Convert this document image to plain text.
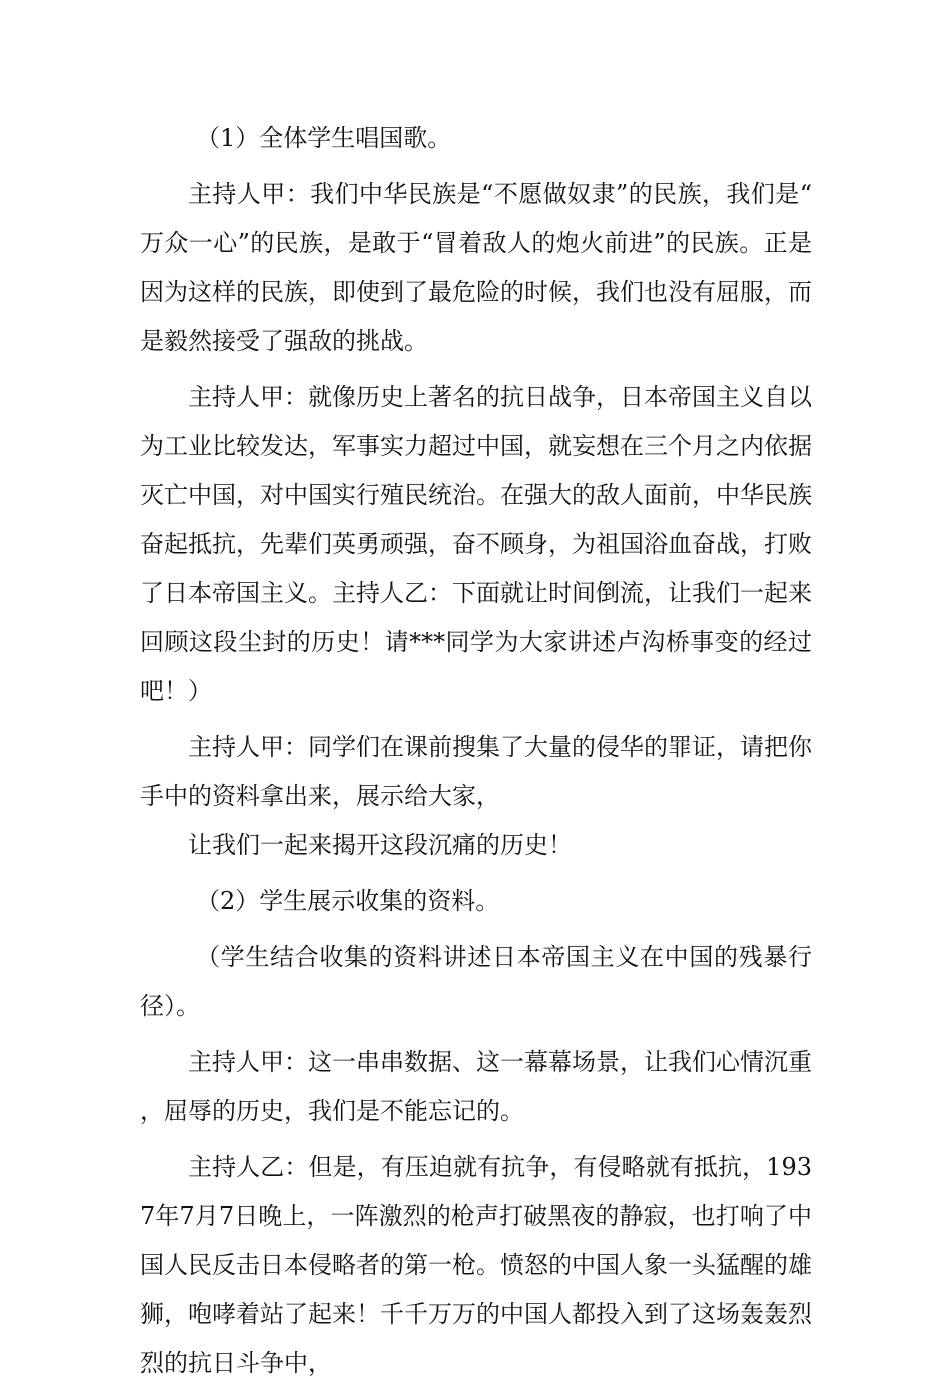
（1）全体学生唱国歌。

主持人甲：我们中华民族是“不愿做奴隶”的民族，我们是“万众一心”的民族，是敢于“冒着敌人的炮火前进”的民族。正是因为这样的民族，即使到了最危险的时候，我们也没有屈服，而是毅然接受了强敌的挑战。

主持人甲：就像历史上著名的抗日战争，日本帝国主义自以为工业比较发达，军事实力超过中国，就妄想在三个月之内依据灭亡中国，对中国实行殖民统治。在强大的敌人面前，中华民族奋起抵抗，先辈们英勇顽强，奋不顾身，为祖国浴血奋战，打败了日本帝国主义。主持人乙：下面就让时间倒流，让我们一起来回顾这段尘封的历史！请***同学为大家讲述卢沟桥事变的经过吧！）

主持人甲：同学们在课前搜集了大量的侵华的罪证，请把你手中的资料拿出来，展示给大家，

让我们一起来揭开这段沉痛的历史！

（2）学生展示收集的资料。

（学生结合收集的资料讲述日本帝国主义在中国的残暴行径）。

主持人甲：这一串串数据、这一幕幕场景，让我们心情沉重，屈辱的历史，我们是不能忘记的。

主持人乙：但是，有压迫就有抗争，有侵略就有抵抗，1937年7月7日晚上，一阵激烈的枪声打破黑夜的静寂，也打响了中国人民反击日本侵略者的第一枪。愤怒的中国人象一头猛醒的雄狮，咆哮着站了起来！千千万万的中国人都投入到了这场轰轰烈烈的抗日斗争中，
